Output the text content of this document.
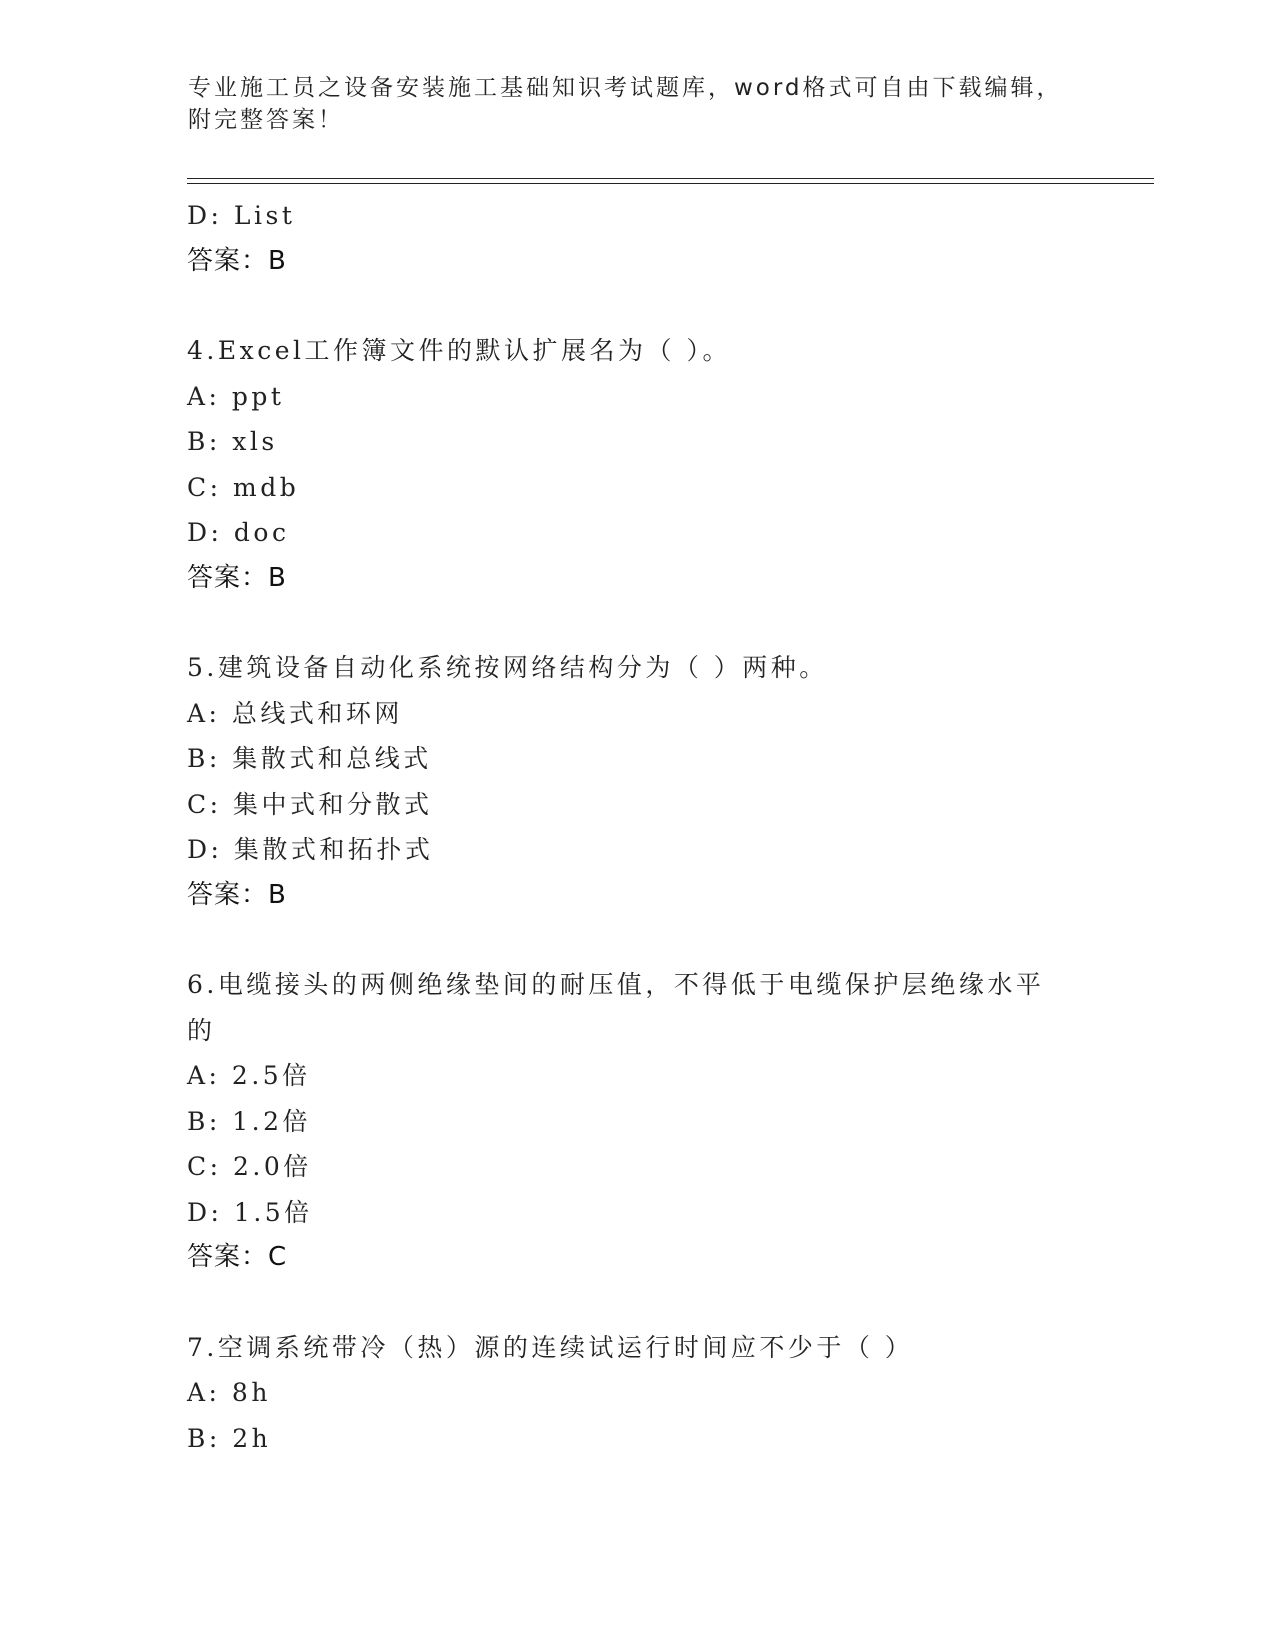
专业施工员之设备安装施工基础知识考试题库，word格式可自由下载编辑，附完整答案！
D: List
答案：B
4.Excel工作簿文件的默认扩展名为（ ）。
A: ppt
B: xls
C: mdb
D: doc
答案：B
5.建筑设备自动化系统按网络结构分为（ ）两种。
A: 总线式和环网
B: 集散式和总线式
C: 集中式和分散式
D: 集散式和拓扑式
答案：B
6.电缆接头的两侧绝缘垫间的耐压值，不得低于电缆保护层绝缘水平的
A: 2.5倍
B: 1.2倍
C: 2.0倍
D: 1.5倍
答案：C
7.空调系统带冷（热）源的连续试运行时间应不少于（ ）
A: 8h
B: 2h
